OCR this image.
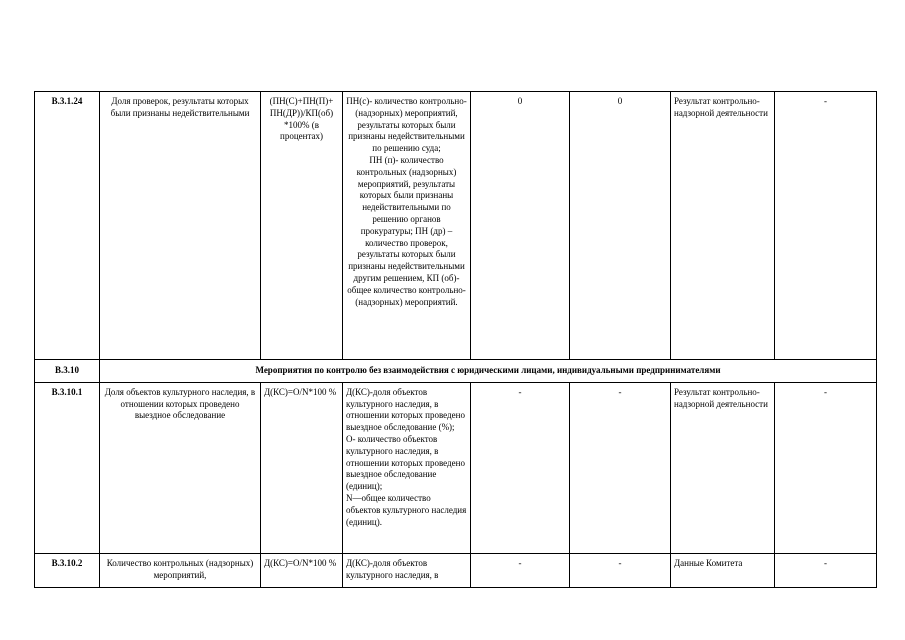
В.3.1.24	Доля проверок, результаты которых были признаны недействительными	(ПН(С)+ПН(П)+ ПН(ДР))/КП(об) *100% (в процентах)	ПН(с)- количество контрольно- (надзорных) мероприятий, результаты которых были признаны недействительными по решению суда;
ПН (п)- количество контрольных (надзорных) мероприятий, результаты которых были признаны недействительными по решению органов прокуратуры; ПН (др) – количество проверок, результаты которых были признаны недействительными другим решением, КП (об)-общее количество контрольно-(надзорных) мероприятий.	0	0	Результат контрольно-надзорной деятельности	-
В.3.10	Мероприятия по контролю без взаимодействия с юридическими лицами, индивидуальными предпринимателями						
В.3.10.1	Доля объектов культурного наследия, в отношении которых проведено выездное обследование	Д(КС)=О/N*100 %	Д(КС)-доля объектов культурного наследия, в отношении которых проведено выездное обследование (%);
О- количество объектов культурного наследия, в отношении которых проведено выездное обследование (единиц);
N—общее количество объектов культурного наследия (единиц).	-	-	Результат контрольно-надзорной деятельности	-
В.3.10.2	Количество контрольных (надзорных) мероприятий,	Д(КС)=О/N*100 %	Д(КС)-доля объектов культурного наследия, в	-	-	Данные Комитета	-
